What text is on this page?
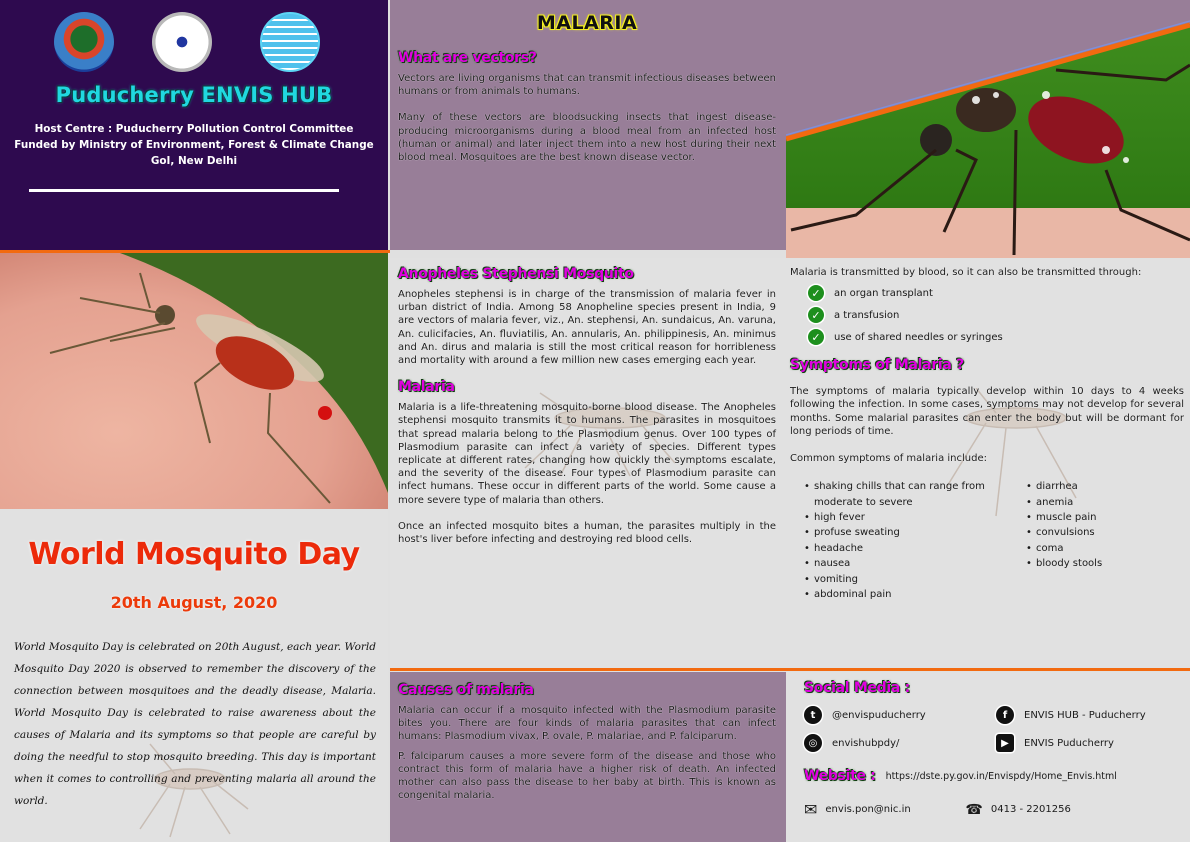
Puducherry ENVIS HUB
Host Centre : Puducherry Pollution Control Committee
Funded by Ministry of Environment, Forest & Climate Change
GoI, New Delhi
MALARIA
What are vectors?

Vectors are living organisms that can transmit infectious diseases between humans or from animals to humans.

Many of these vectors are bloodsucking insects that ingest disease-producing microorganisms during a blood meal from an infected host (human or animal) and later inject them into a new host during their next blood meal. Mosquitoes are the best known disease vector.

World Mosquito Day
20th August, 2020
World Mosquito Day is celebrated on 20th August, each year. World Mosquito Day 2020 is observed to remember the discovery of the connection between mosquitoes and the deadly disease, Malaria. World Mosquito Day is celebrated to raise awareness about the causes of Malaria and its symptoms so that people are careful by doing the needful to stop mosquito breeding. This day is important when it comes to controlling and preventing malaria all around the world.
Anopheles Stephensi Mosquito

Anopheles stephensi is in charge of the transmission of malaria fever in urban district of India. Among 58 Anopheline species present in India, 9 are vectors of malaria fever, viz., An. stephensi, An. sundaicus, An. varuna, An. culicifacies, An. fluviatilis, An. annularis, An. philippinesis, An. minimus and An. dirus and malaria is still the most critical reason for horribleness and mortality with around a few million new cases emerging each year.

Malaria

Malaria is a life-threatening mosquito-borne blood disease. The Anopheles stephensi mosquito transmits it to humans. The parasites in mosquitoes that spread malaria belong to the Plasmodium genus. Over 100 types of Plasmodium parasite can infect a variety of species. Different types replicate at different rates, changing how quickly the symptoms escalate, and the severity of the disease. Four types of Plasmodium parasite can infect humans. These occur in different parts of the world. Some cause a more severe type of malaria than others.

Once an infected mosquito bites a human, the parasites multiply in the host's liver before infecting and destroying red blood cells.

Malaria is transmitted by blood, so it can also be transmitted through:

✓	an organ transplant
✓	a transfusion
✓	use of shared needles or syringes
Symptoms of Malaria ?

The symptoms of malaria typically develop within 10 days to 4 weeks following the infection. In some cases, symptoms may not develop for several months. Some malarial parasites can enter the body but will be dormant for long periods of time.

Common symptoms of malaria include:

• shaking chills that can range from moderate to severe
• high fever
• profuse sweating
• headache
• nausea
• vomiting
• abdominal pain
• diarrhea
• anemia
• muscle pain
• convulsions
• coma
• bloody stools
Causes of malaria

Malaria can occur if a mosquito infected with the Plasmodium parasite bites you. There are four kinds of malaria parasites that can infect humans: Plasmodium vivax, P. ovale, P. malariae, and P. falciparum.

P. falciparum causes a more severe form of the disease and those who contract this form of malaria have a higher risk of death. An infected mother can also pass the disease to her baby at birth. This is known as congenital malaria.

Social Media :
t	@envispuducherry	f	ENVIS HUB - Puducherry
◎	envishubpdy/	▶	ENVIS Puducherry
Website : https://dste.py.gov.in/Envispdy/Home_Envis.html
✉ envis.pon@nic.in	☎ 0413 - 2201256
